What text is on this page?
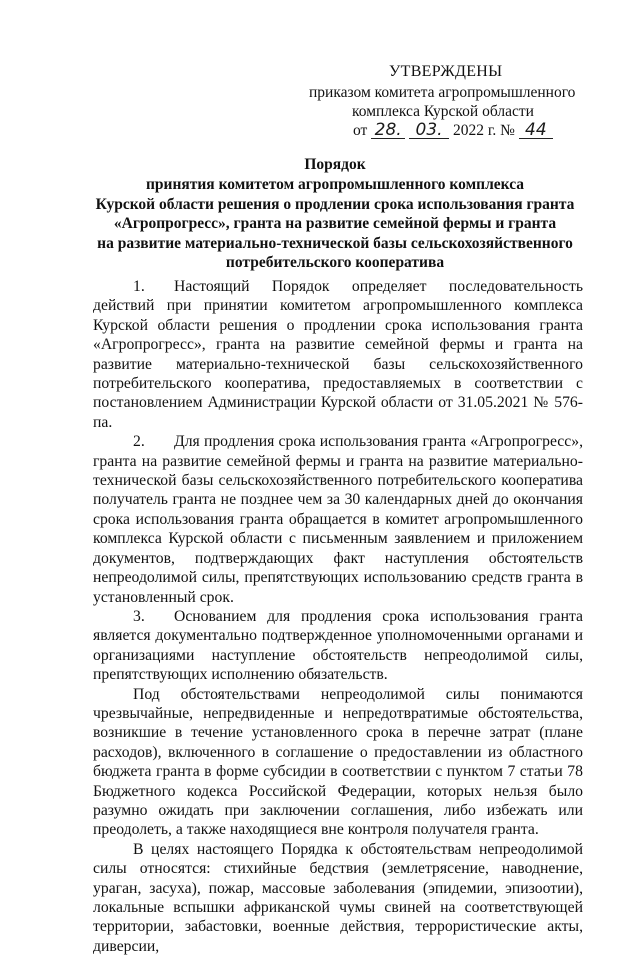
УТВЕРЖДЕНЫ
приказом комитета агропромышленного
комплекса Курской области
от 28. 03. 2022 г. № 44
Порядок
принятия комитетом агропромышленного комплекса
Курской области решения о продлении срока использования гранта
«Агропрогресс», гранта на развитие семейной фермы и гранта
на развитие материально-технической базы сельскохозяйственного
потребительского кооператива

1. Настоящий Порядок определяет последовательность действий при принятии комитетом агропромышленного комплекса Курской области решения о продлении срока использования гранта «Агропрогресс», гранта на развитие семейной фермы и гранта на развитие материально-технической базы сельскохозяйственного потребительского кооператива, предоставляемых в соответствии с постановлением Администрации Курской области от 31.05.2021 № 576-па.

2. Для продления срока использования гранта «Агропрогресс», гранта на развитие семейной фермы и гранта на развитие материально-технической базы сельскохозяйственного потребительского кооператива получатель гранта не позднее чем за 30 календарных дней до окончания срока использования гранта обращается в комитет агропромышленного комплекса Курской области с письменным заявлением и приложением документов, подтверждающих факт наступления обстоятельств непреодолимой силы, препятствующих использованию средств гранта в установленный срок.

3. Основанием для продления срока использования гранта является документально подтвержденное уполномоченными органами и организациями наступление обстоятельств непреодолимой силы, препятствующих исполнению обязательств.

Под обстоятельствами непреодолимой силы понимаются чрезвычайные, непредвиденные и непредотвратимые обстоятельства, возникшие в течение установленного срока в перечне затрат (плане расходов), включенного в соглашение о предоставлении из областного бюджета гранта в форме субсидии в соответствии с пунктом 7 статьи 78 Бюджетного кодекса Российской Федерации, которых нельзя было разумно ожидать при заключении соглашения, либо избежать или преодолеть, а также находящиеся вне контроля получателя гранта.

В целях настоящего Порядка к обстоятельствам непреодолимой силы относятся: стихийные бедствия (землетрясение, наводнение, ураган, засуха), пожар, массовые заболевания (эпидемии, эпизоотии), локальные вспышки африканской чумы свиней на соответствующей территории, забастовки, военные действия, террористические акты, диверсии,
